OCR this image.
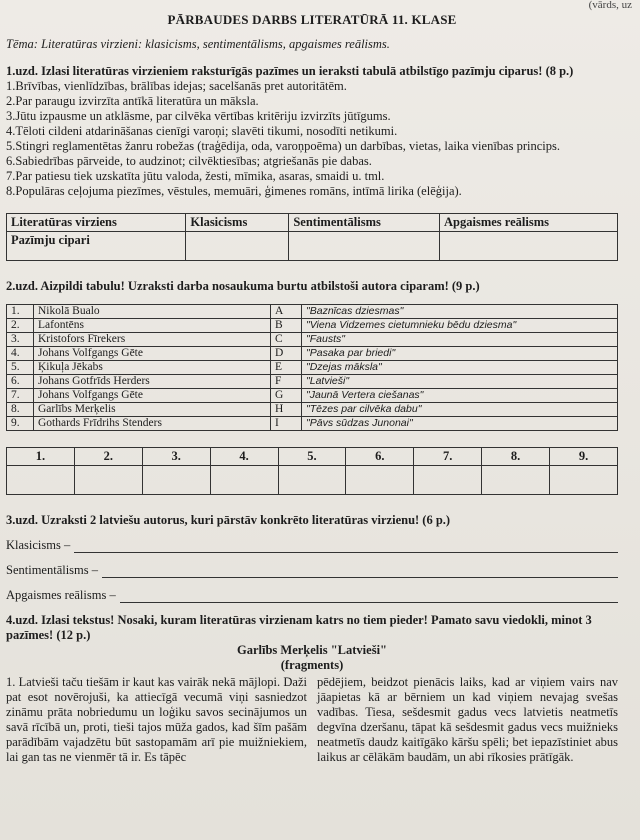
(vārds, uz
PĀRBAUDES DARBS LITERATŪRĀ 11. KLASE
Tēma: Literatūras virzieni: klasicisms, sentimentālisms, apgaismes reālisms.
1.uzd. Izlasi literatūras virzieniem raksturīgās pazīmes un ieraksti tabulā atbilstīgo pazīmju ciparus! (8 p.)
1.Brīvības, vienlīdzības, brālības idejas; sacelšanās pret autoritātēm.
2.Par paraugu izvirzīta antīkā literatūra un māksla.
3.Jūtu izpausme un atklāsme, par cilvēka vērtības kritēriju izvirzīts jūtīgums.
4.Tēloti cildeni atdarināšanas cienīgi varoņi; slavēti tikumi, nosodīti netikumi.
5.Stingri reglamentētas žanru robežas (traģēdija, oda, varoņpoēma) un darbības, vietas, laika vienības princips.
6.Sabiedrības pārveide, to audzinot; cilvēktiesības; atgriešanās pie dabas.
7.Par patiesu tiek uzskatīta jūtu valoda, žesti, mīmika, asaras, smaidi u. tml.
8.Populāras ceļojuma piezīmes, vēstules, memuāri, ģimenes romāns, intīmā lirika (elēģija).
Literatūras virziens	Klasicisms	Sentimentālisms	Apgaismes reālisms
Pazīmju cipari			
2.uzd. Aizpildi tabulu! Uzraksti darba nosaukuma burtu atbilstoši autora ciparam! (9 p.)
1.	Nikolā Bualo	A	"Baznīcas dziesmas"
2.	Lafontēns	B	"Viena Vidzemes cietumnieku bēdu dziesma"
3.	Kristofors Fīrekers	C	"Fausts"
4.	Johans Volfgangs Gēte	D	"Pasaka par briedi"
5.	Ķikuļa Jēkabs	E	"Dzejas māksla"
6.	Johans Gotfrīds Herders	F	"Latvieši"
7.	Johans Volfgangs Gēte	G	"Jaunā Vertera ciešanas"
8.	Garlībs Merķelis	H	"Tēzes par cilvēka dabu"
9.	Gothards Frīdrihs Stenders	I	"Pāvs sūdzas Junonai"
1.	2.	3.	4.	5.	6.	7.	8.	9.

3.uzd. Uzraksti 2 latviešu autorus, kuri pārstāv konkrēto literatūras virzienu! (6 p.)
Klasicisms –
Sentimentālisms –
Apgaismes reālisms –
4.uzd. Izlasi tekstus! Nosaki, kuram literatūras virzienam katrs no tiem pieder! Pamato savu viedokli, minot 3 pazīmes! (12 p.)
Garlībs Merķelis "Latvieši"
(fragments)
1. Latvieši taču tiešām ir kaut kas vairāk nekā mājlopi. Daži pat esot novērojuši, ka attiecīgā vecumā viņi sasniedzot zināmu prāta nobriedumu un loģiku savos secinājumos un savā rīcībā un, proti, tieši tajos mūža gados, kad šīm pašām parādībām vajadzētu būt sastopamām arī pie muižniekiem, lai gan tas ne vienmēr tā ir. Es tāpēc
pēdējiem, beidzot pienācis laiks, kad ar viņiem vairs nav jāapietas kā ar bērniem un kad viņiem nevajag svešas vadības. Tiesa, sešdesmit gadus vecs latvietis neatmetīs degvīna dzeršanu, tāpat kā sešdesmit gadus vecs muižnieks neatmetīs daudz kaitīgāko kāršu spēli; bet iepazīstiniet abus laikus ar cēlākām baudām, un abi rīkosies prātīgāk.
